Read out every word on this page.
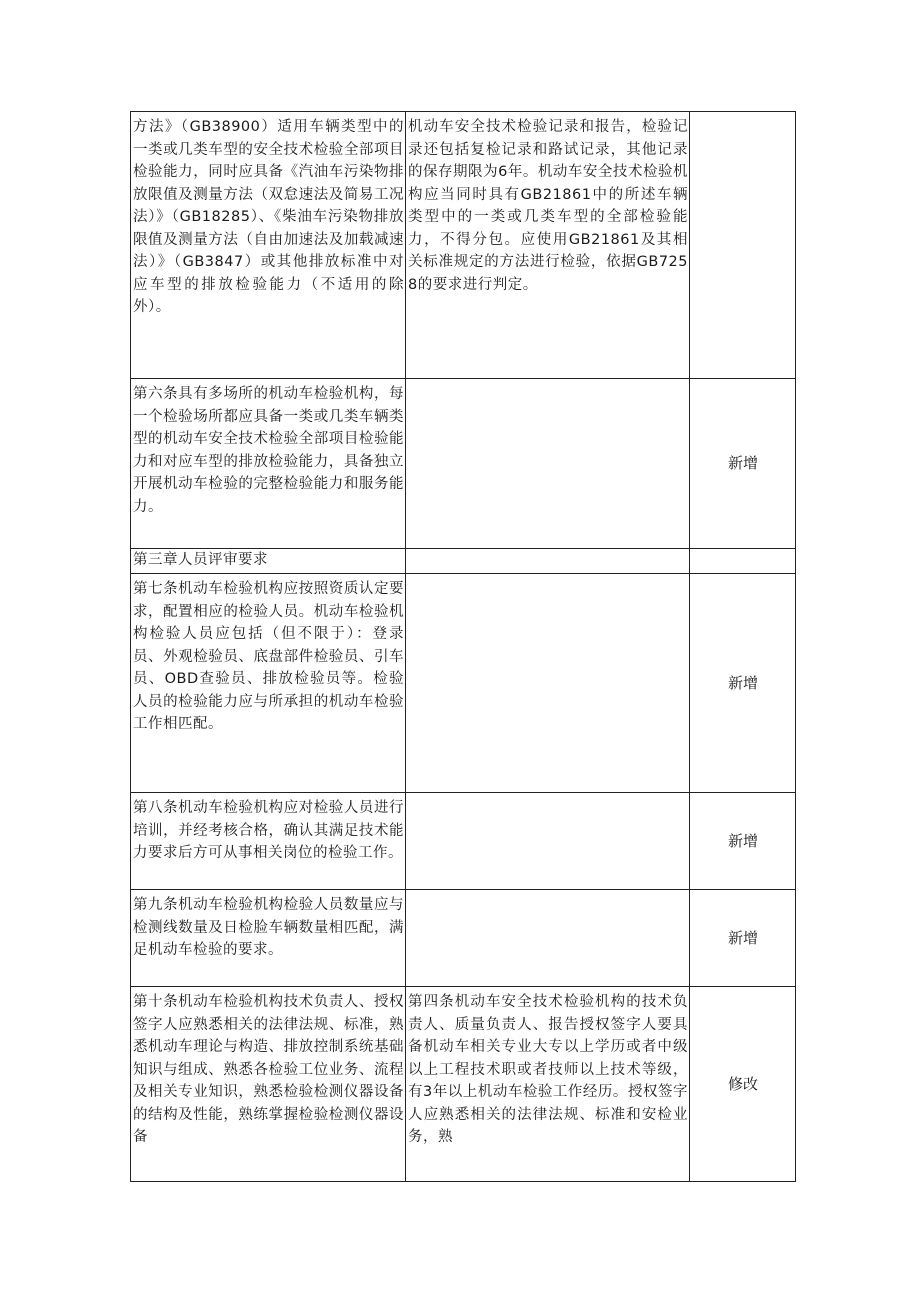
方法》（GB38900）适用车辆类型中的一类或几类车型的安全技术检验全部项目检验能力，同时应具备《汽油车污染物排放限值及测量方法（双怠速法及简易工况法）》（GB18285）、《柴油车污染物排放限值及测量方法（自由加速法及加载减速法）》（GB3847）或其他排放标准中对应车型的排放检验能力（不适用的除外）。	机动车安全技术检验记录和报告，检验记录还包括复检记录和路试记录，其他记录的保存期限为6年。机动车安全技术检验机构应当同时具有GB21861中的所述车辆类型中的一类或几类车型的全部检验能力，不得分包。应使用GB21861及其相关标准规定的方法进行检验，依据GB7258的要求进行判定。	

第六条具有多场所的机动车检验机构，每一个检验场所都应具备一类或几类车辆类型的机动车安全技术检验全部项目检验能力和对应车型的排放检验能力，具备独立开展机动车检验的完整检验能力和服务能力。		新增

第三章人员评审要求		

第七条机动车检验机构应按照资质认定要求，配置相应的检验人员。机动车检验机构检验人员应包括（但不限于）：登录员、外观检验员、底盘部件检验员、引车员、OBD查验员、排放检验员等。检验人员的检验能力应与所承担的机动车检验工作相匹配。		新增

第八条机动车检验机构应对检验人员进行培训，并经考核合格，确认其满足技术能力要求后方可从事相关岗位的检验工作。		新增

第九条机动车检验机构检验人员数量应与检测线数量及日检脸车辆数量相匹配，满足机动车检验的要求。		新增

第十条机动车检验机构技术负责人、授权签字人应熟悉相关的法律法规、标准，熟悉机动车理论与构造、排放控制系统基础知识与组成、熟悉各检验工位业务、流程及相关专业知识，熟悉检验检测仪器设备的结构及性能，熟练掌握检验检测仪器设备	第四条机动车安全技术检验机构的技术负责人、质量负责人、报告授权签字人要具备机动车相关专业大专以上学历或者中级以上工程技术职或者技师以上技术等级，有3年以上机动车检验工作经历。授权签字人应熟悉相关的法律法规、标准和安检业务，熟	修改
